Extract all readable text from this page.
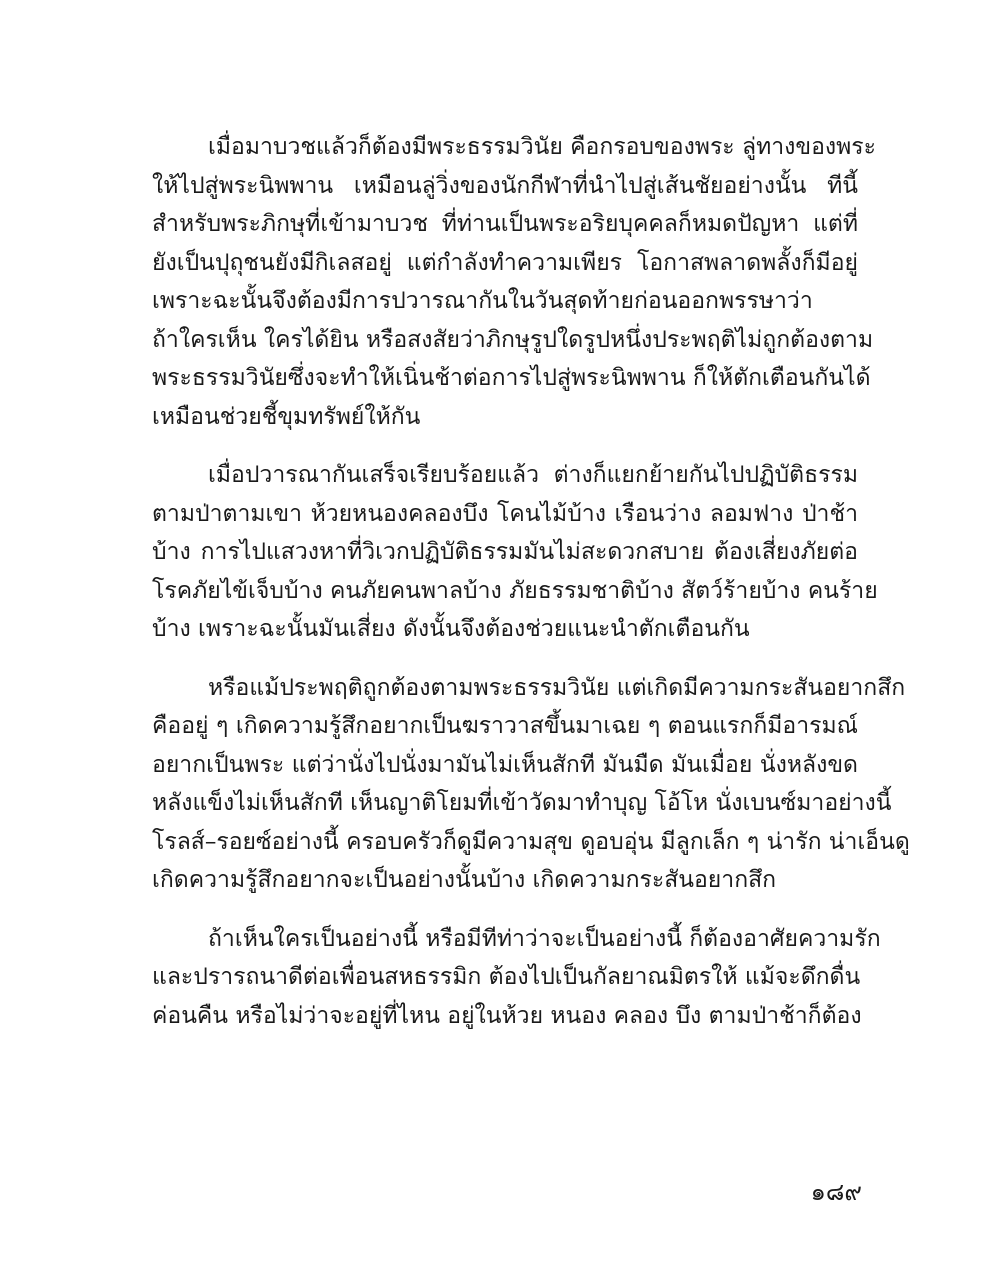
เมื่อมาบวชแล้วก็ต้องมีพระธรรมวินัย คือกรอบของพระ ลู่ทางของพระ
ให้ไปสู่พระนิพพาน เหมือนลู่วิ่งของนักกีฬาที่นำไปสู่เส้นชัยอย่างนั้น ทีนี้
สำหรับพระภิกษุที่เข้ามาบวช ที่ท่านเป็นพระอริยบุคคลก็หมดปัญหา แต่ที่
ยังเป็นปุถุชนยังมีกิเลสอยู่ แต่กำลังทำความเพียร โอกาสพลาดพลั้งก็มีอยู่
เพราะฉะนั้นจึงต้องมีการปวารณากันในวันสุดท้ายก่อนออกพรรษาว่า
ถ้าใครเห็น ใครได้ยิน หรือสงสัยว่าภิกษุรูปใดรูปหนึ่งประพฤติไม่ถูกต้องตาม
พระธรรมวินัยซึ่งจะทำให้เนิ่นช้าต่อการไปสู่พระนิพพาน ก็ให้ตักเตือนกันได้
เหมือนช่วยชี้ขุมทรัพย์ให้กัน

เมื่อปวารณากันเสร็จเรียบร้อยแล้ว ต่างก็แยกย้ายกันไปปฏิบัติธรรม
ตามป่าตามเขา ห้วยหนองคลองบึง โคนไม้บ้าง เรือนว่าง ลอมฟาง ป่าช้า
บ้าง การไปแสวงหาที่วิเวกปฏิบัติธรรมมันไม่สะดวกสบาย ต้องเสี่ยงภัยต่อ
โรคภัยไข้เจ็บบ้าง คนภัยคนพาลบ้าง ภัยธรรมชาติบ้าง สัตว์ร้ายบ้าง คนร้าย
บ้าง เพราะฉะนั้นมันเสี่ยง ดังนั้นจึงต้องช่วยแนะนำตักเตือนกัน

หรือแม้ประพฤติถูกต้องตามพระธรรมวินัย แต่เกิดมีความกระสันอยากสึก
คืออยู่ ๆ เกิดความรู้สึกอยากเป็นฆราวาสขึ้นมาเฉย ๆ ตอนแรกก็มีอารมณ์
อยากเป็นพระ แต่ว่านั่งไปนั่งมามันไม่เห็นสักที มันมืด มันเมื่อย นั่งหลังขด
หลังแข็งไม่เห็นสักที เห็นญาติโยมที่เข้าวัดมาทำบุญ โอ้โห นั่งเบนซ์มาอย่างนี้
โรลส์–รอยซ์อย่างนี้ ครอบครัวก็ดูมีความสุข ดูอบอุ่น มีลูกเล็ก ๆ น่ารัก น่าเอ็นดู
เกิดความรู้สึกอยากจะเป็นอย่างนั้นบ้าง เกิดความกระสันอยากสึก

ถ้าเห็นใครเป็นอย่างนี้ หรือมีทีท่าว่าจะเป็นอย่างนี้ ก็ต้องอาศัยความรัก
และปรารถนาดีต่อเพื่อนสหธรรมิก ต้องไปเป็นกัลยาณมิตรให้ แม้จะดึกดื่น
ค่อนคืน หรือไม่ว่าจะอยู่ที่ไหน อยู่ในห้วย หนอง คลอง บึง ตามป่าช้าก็ต้อง

๑๘๙
